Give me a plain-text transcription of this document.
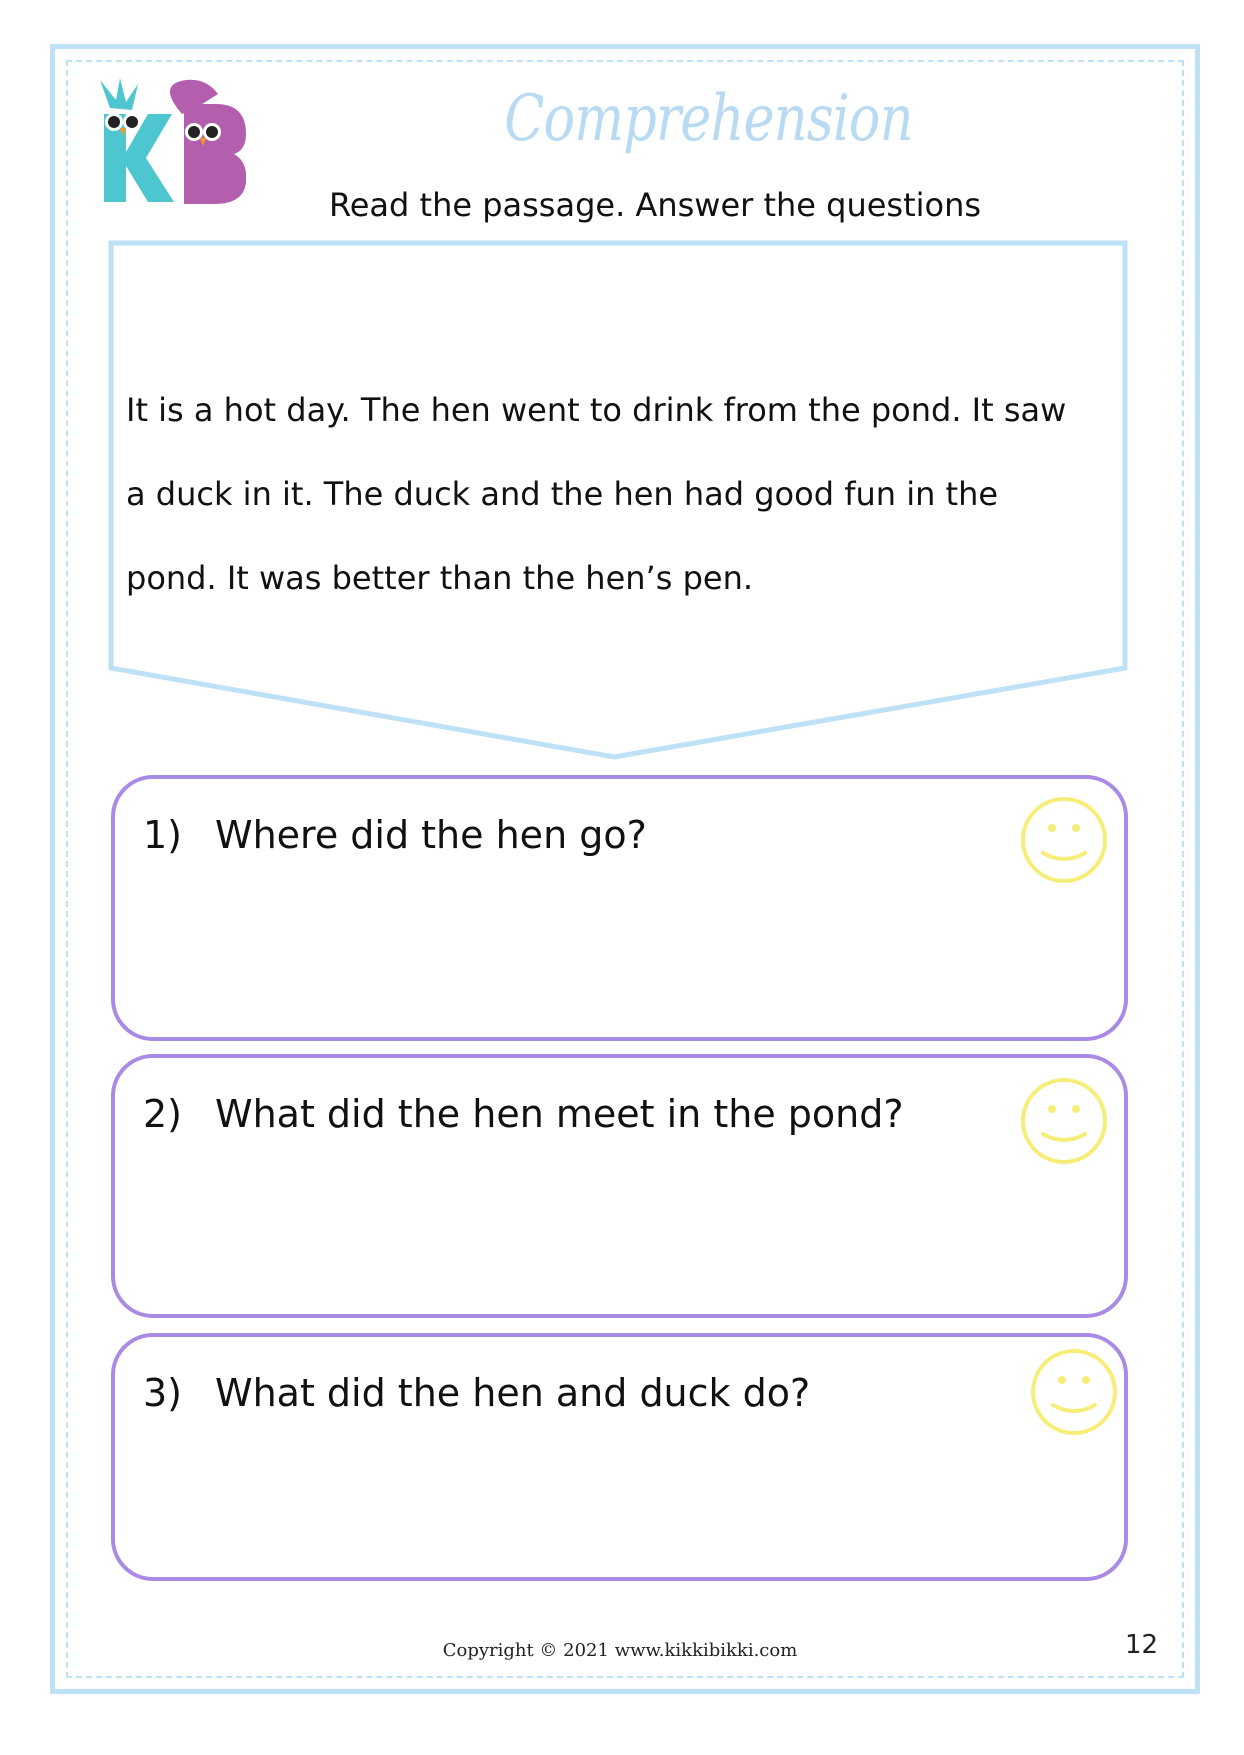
Comprehension
Read the passage. Answer the questions
It is a hot day. The hen went to drink from the pond. It saw
a duck in it. The duck and the hen had good fun in the
pond. It was better than the hen’s pen.
1) Where did the hen go?
2) What did the hen meet in the pond?
3) What did the hen and duck do?
Copyright © 2021 www.kikkibikki.com	12
